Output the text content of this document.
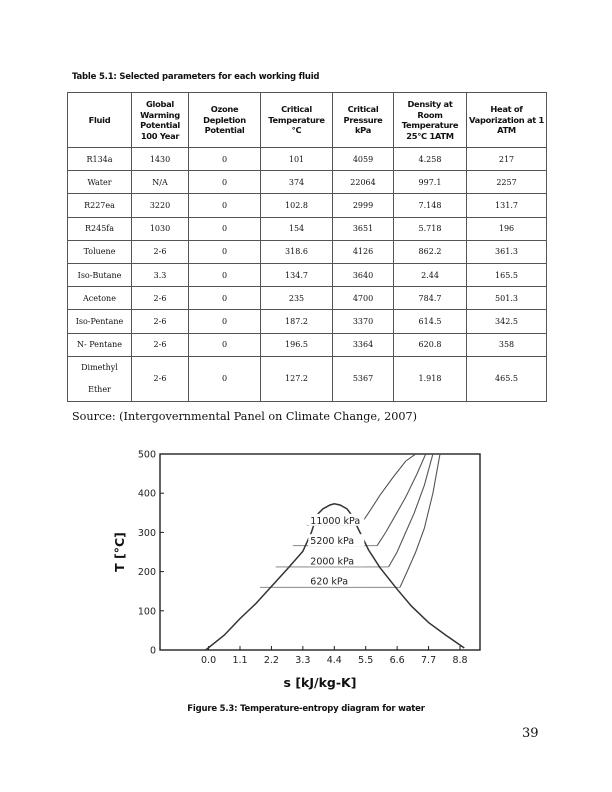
Table 5.1: Selected parameters for each working fluid
Fluid	Global Warming Potential 100 Year	Ozone Depletion Potential	Critical Temperature °C	Critical Pressure kPa	Density at Room Temperature 25°C 1ATM	Heat of Vaporization at 1 ATM
R134a	1430	0	101	4059	4.258	217
Water	N/A	0	374	22064	997.1	2257
R227ea	3220	0	102.8	2999	7.148	131.7
R245fa	1030	0	154	3651	5.718	196
Toluene	2-6	0	318.6	4126	862.2	361.3
Iso-Butane	3.3	0	134.7	3640	2.44	165.5
Acetone	2-6	0	235	4700	784.7	501.3
Iso-Pentane	2-6	0	187.2	3370	614.5	342.5
N- Pentane	2-6	0	196.5	3364	620.8	358
Dimethyl Ether	2-6	0	127.2	5367	1.918	465.5
Source: (Intergovernmental Panel on Climate Change, 2007)
0
100
200
300
400
500
0.0 1.1 2.2 3.3 4.4 5.5 6.6 7.7 8.8
s [kJ/kg-K]
T [°C]
11000 kPa
5200 kPa
2000 kPa
620 kPa
Figure 5.3: Temperature-entropy diagram for water
39
